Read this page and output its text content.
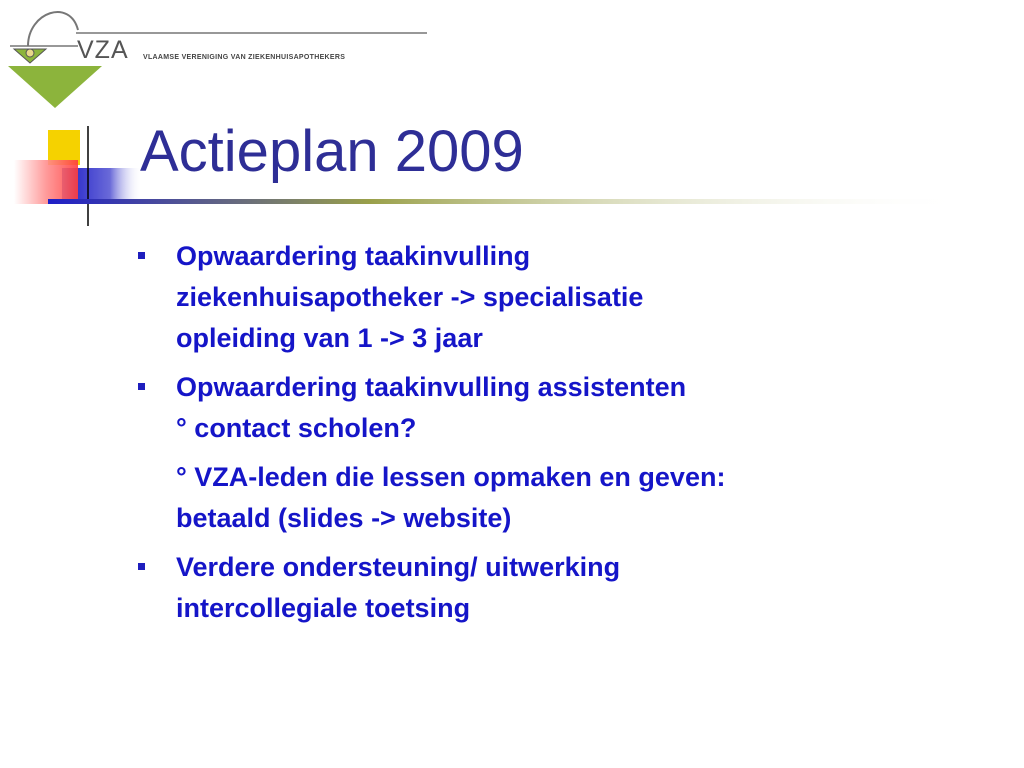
VZA VLAAMSE VERENIGING VAN ZIEKENHUISAPOTHEKERS
Actieplan 2009
Opwaardering taakinvulling
ziekenhuisapotheker -> specialisatie
opleiding van 1 -> 3 jaar
Opwaardering taakinvulling assistenten
° contact scholen?
° VZA-leden die lessen opmaken en geven:
betaald (slides -> website)
Verdere ondersteuning/ uitwerking
intercollegiale toetsing
